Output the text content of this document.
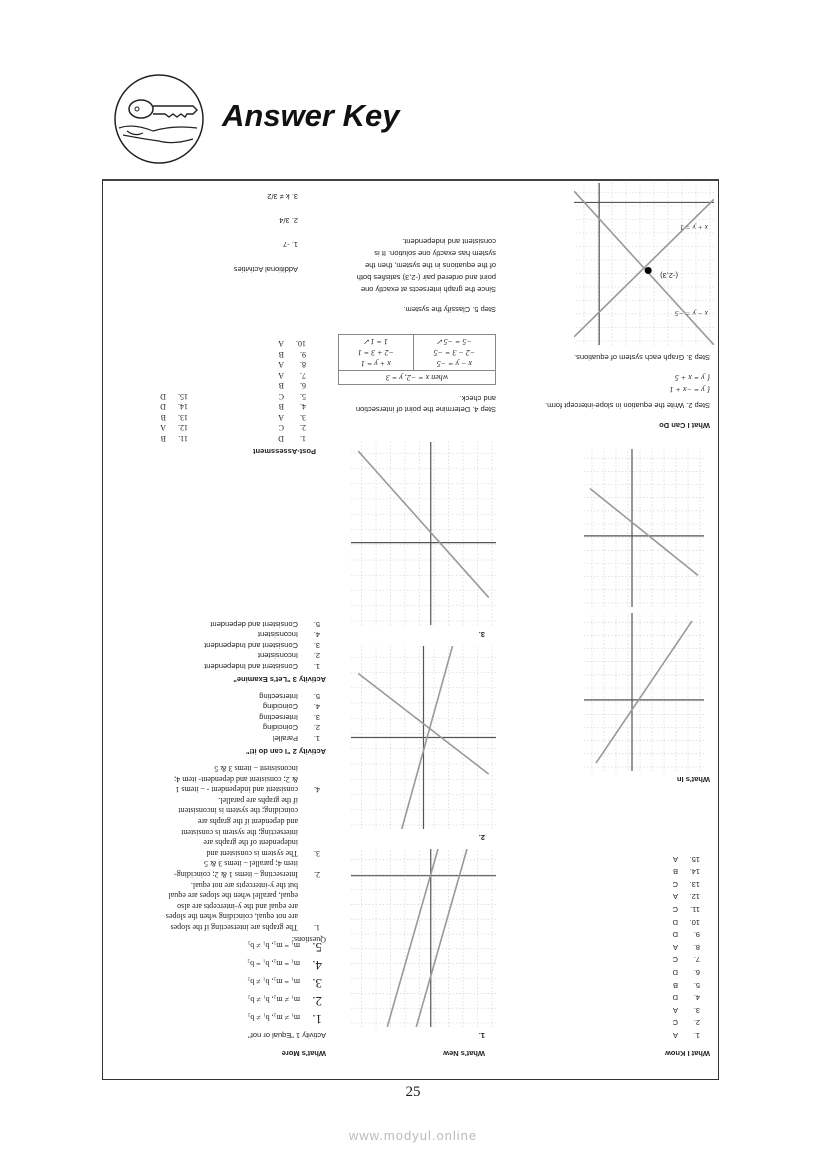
Answer Key
What I Know
1.A
2.C
3.A
4.D
5.B
6.D
7.C
8.A
9.D
10.D
11.C
12.A
13.C
14.B
15.A
What's In
What I Can Do
Step 2. Write the equation in slope-intercept form.
{ y = −x + 1
{ y = x + 5
Step 3. Graph each system of equations.
x − y = −5
(-2,3)
x + y = 1
What's New
1.
2.
3.
Step 4. Determine the point of intersection and check.
when x = −2, y = 3

x − y = −5
−2 − 3 = −5
−5 = −5✓

x + y = 1
−2 + 3 = 1
1 = 1✓
Step 5. Classify the system.
Since the graph intersects at exactly one
point and ordered pair (-2,3) satisfies both
of the equations in the system, then the
system has exactly one solution. It is
consistent and independent.
What's More
Activity 1 "Equal or not"
1.m₁ ≠ m₂, b₁ ≠ b₂
2.m₁ ≠ m₂, b₁ ≠ b₂
3.m₁ = m₂, b₁ ≠ b₂
4.m₁ = m₂, b₁ = b₂
5.m₁ = m₂, b₁ ≠ b₂
Questions:
1.The graphs are intersecting if the slopes
are not equal, coinciding when the slopes
are equal and the y-intercepts are also
equal, parallel when the slopes are equal
but the y-intercepts are not equal.
2.Intersecting – items 1 & 2; coinciding-
item 4; parallel – items 3 & 5
3.The system is consistent and
independent of the graphs are
intersecting; the system is consistent
and dependent if the graphs are
coinciding; the system is inconsistent
if the graphs are parallel.
4.consistent and independent - – items 1
& 2; consistent and dependent- item 4;
inconsistent – items 3 & 5
Activity 2 "I can do it!"
1.Parallel
2.Coinciding
3.Intersecting
4.Coinciding
5.Intersecting
Activity 3 "Let's Examine"
1.Consistent and Independent
2.Inconsistent
3.Consistent and Independent
4.Inconsistent
5.Consistent and dependent
Post-Assessment
1.D
2.C
3.A
4.B
5.C
6.B
7.A
8.A
9.B
10.A
11.B
12.A
13.B
14.D
15.D
Additional Activities
1. -7
2. 3/4
3. k ≠ 3/2
25
www.modyul.online
